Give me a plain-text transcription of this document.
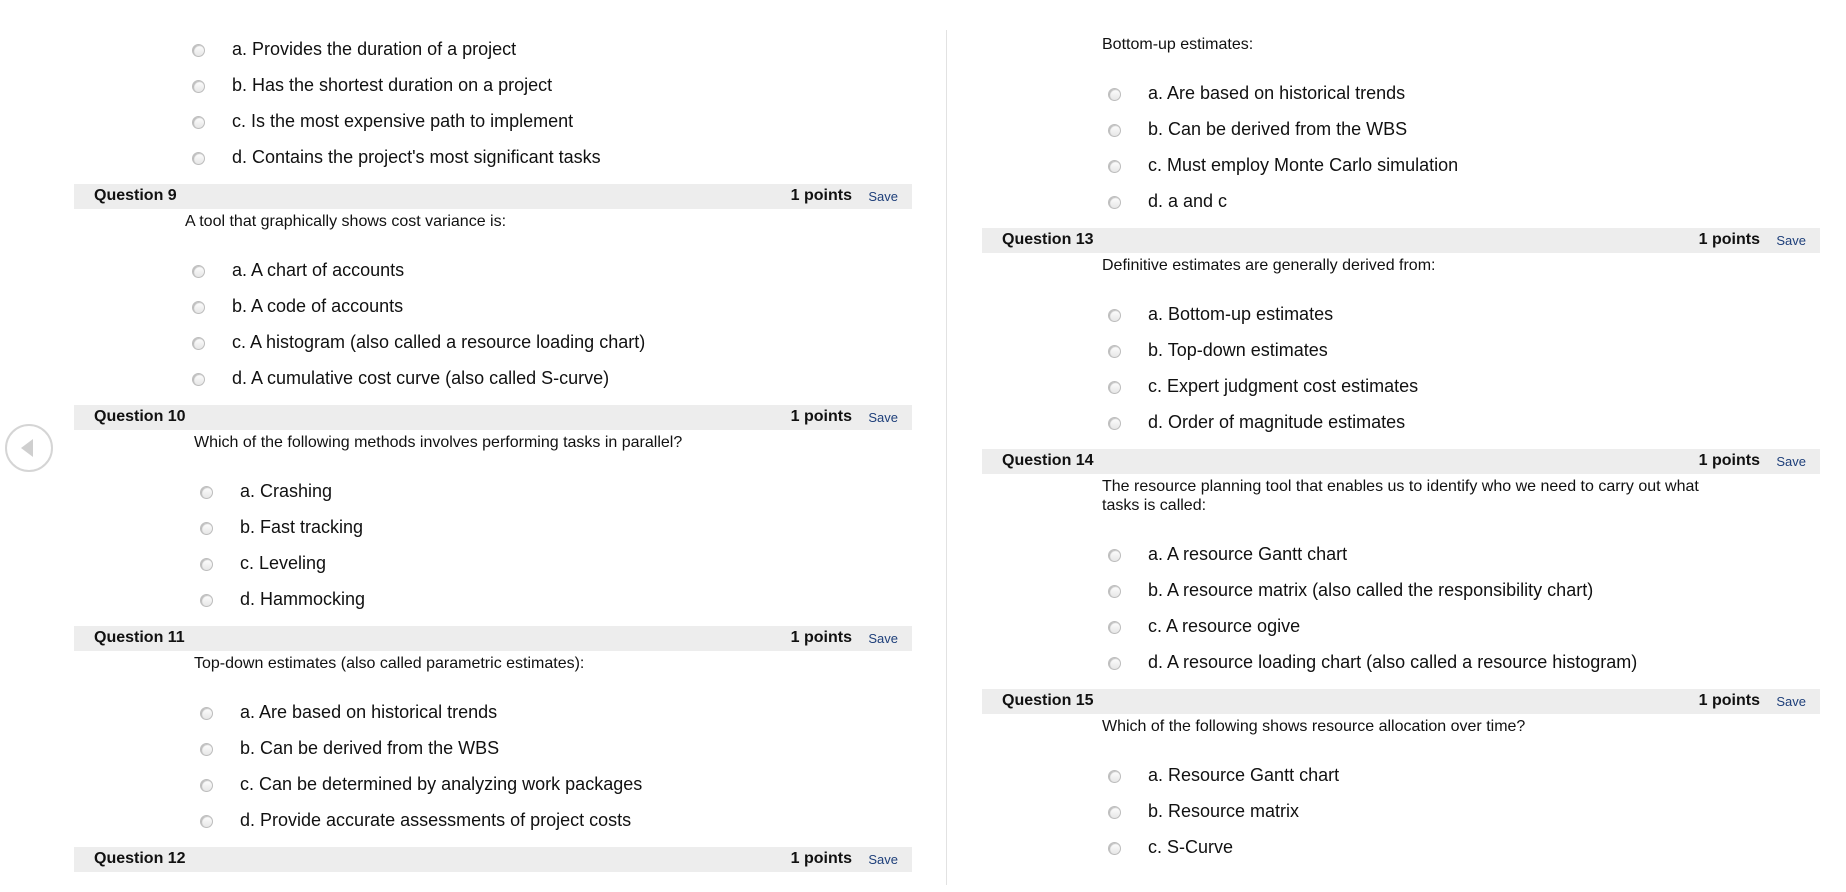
a. Provides the duration of a project
b. Has the shortest duration on a project
c. Is the most expensive path to implement
d. Contains the project's most significant tasks
Question 9	1 points Save
A tool that graphically shows cost variance is:
a. A chart of accounts
b. A code of accounts
c. A histogram (also called a resource loading chart)
d. A cumulative cost curve (also called S-curve)
Question 10	1 points Save
Which of the following methods involves performing tasks in parallel?
a. Crashing
b. Fast tracking
c. Leveling
d. Hammocking
Question 11	1 points Save
Top-down estimates (also called parametric estimates):
a. Are based on historical trends
b. Can be derived from the WBS
c. Can be determined by analyzing work packages
d. Provide accurate assessments of project costs
Question 12	1 points Save
Bottom-up estimates:
a. Are based on historical trends
b. Can be derived from the WBS
c. Must employ Monte Carlo simulation
d. a and c
Question 13	1 points Save
Definitive estimates are generally derived from:
a. Bottom-up estimates
b. Top-down estimates
c. Expert judgment cost estimates
d. Order of magnitude estimates
Question 14	1 points Save
The resource planning tool that enables us to identify who we need to carry out what
tasks is called:
a. A resource Gantt chart
b. A resource matrix (also called the responsibility chart)
c. A resource ogive
d. A resource loading chart (also called a resource histogram)
Question 15	1 points Save
Which of the following shows resource allocation over time?
a. Resource Gantt chart
b. Resource matrix
c. S-Curve
